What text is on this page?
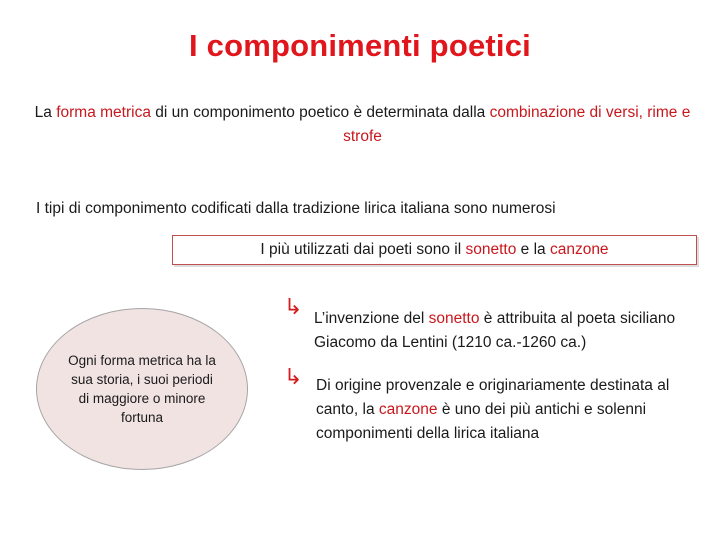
I componimenti poetici
La forma metrica di un componimento poetico è determinata dalla combinazione di versi, rime e strofe
I tipi di componimento codificati dalla tradizione lirica italiana sono numerosi
I più utilizzati dai poeti sono il sonetto e la canzone
Ogni forma metrica ha la sua storia, i suoi periodi di maggiore o minore fortuna
↳ L’invenzione del sonetto è attribuita al poeta siciliano Giacomo da Lentini (1210 ca.-1260 ca.)
↳ Di origine provenzale e originariamente destinata al canto, la canzone è uno dei più antichi e solenni componimenti della lirica italiana
